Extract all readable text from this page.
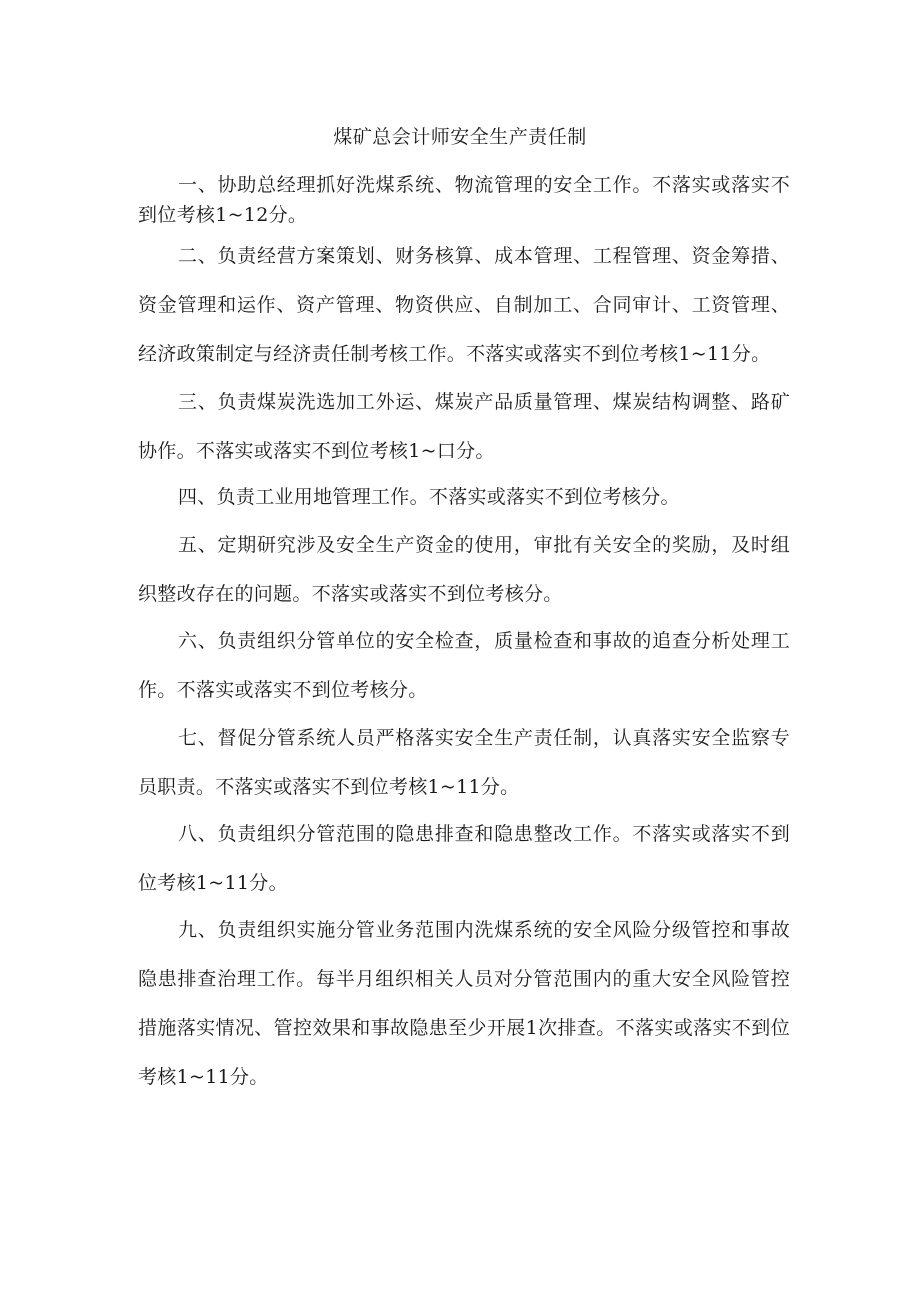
煤矿总会计师安全生产责任制

一、协助总经理抓好洗煤系统、物流管理的安全工作。不落实或落实不到位考核1~12分。

二、负责经营方案策划、财务核算、成本管理、工程管理、资金筹措、资金管理和运作、资产管理、物资供应、自制加工、合同审计、工资管理、经济政策制定与经济责任制考核工作。不落实或落实不到位考核1~11分。

三、负责煤炭洗选加工外运、煤炭产品质量管理、煤炭结构调整、路矿协作。不落实或落实不到位考核1~口分。

四、负责工业用地管理工作。不落实或落实不到位考核分。

五、定期研究涉及安全生产资金的使用，审批有关安全的奖励，及时组织整改存在的问题。不落实或落实不到位考核分。

六、负责组织分管单位的安全检查，质量检查和事故的追查分析处理工作。不落实或落实不到位考核分。

七、督促分管系统人员严格落实安全生产责任制，认真落实安全监察专员职责。不落实或落实不到位考核1~11分。

八、负责组织分管范围的隐患排查和隐患整改工作。不落实或落实不到位考核1~11分。

九、负责组织实施分管业务范围内洗煤系统的安全风险分级管控和事故隐患排查治理工作。每半月组织相关人员对分管范围内的重大安全风险管控措施落实情况、管控效果和事故隐患至少开展1次排查。不落实或落实不到位考核1~11分。
